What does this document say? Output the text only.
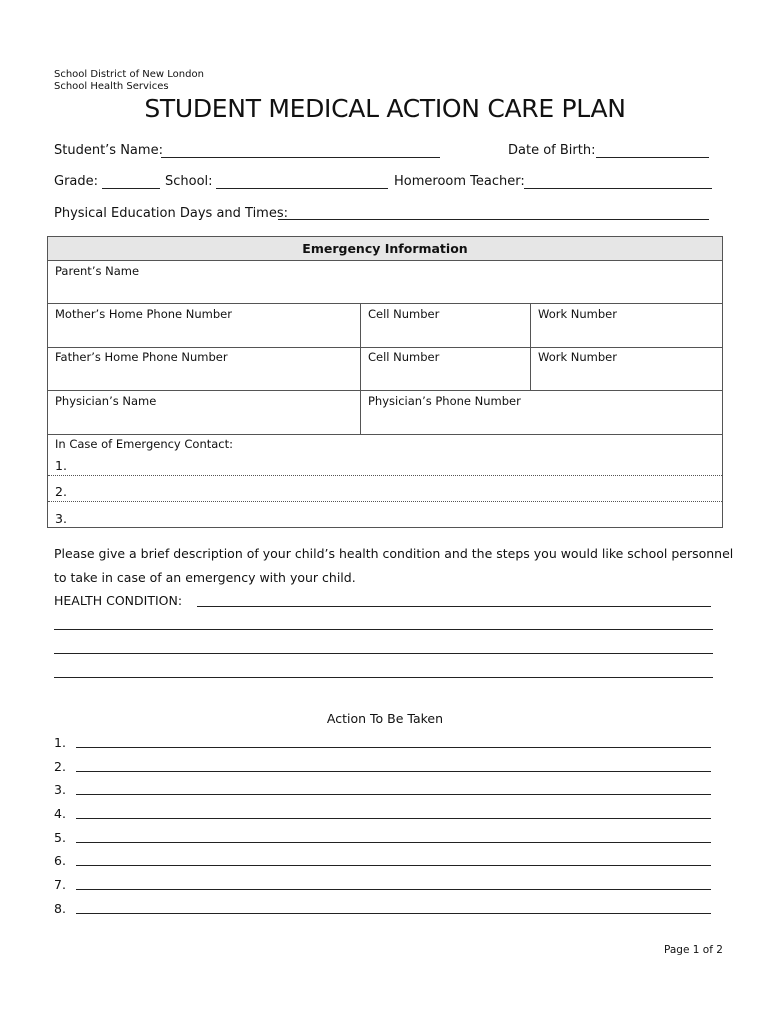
School District of New London
School Health Services
STUDENT MEDICAL ACTION CARE PLAN
Student’s Name:	Date of Birth:
Grade:	School:	Homeroom Teacher:
Physical Education Days and Times:
Emergency Information
Parent’s Name
Mother’s Home Phone Number	Cell Number	Work Number
Father’s Home Phone Number	Cell Number	Work Number
Physician’s Name	Physician’s Phone Number
In Case of Emergency Contact:
1.
2.
3.
Please give a brief description of your child’s health condition and the steps you would like school personnel
to take in case of an emergency with your child.
HEALTH CONDITION:
Action To Be Taken
1.
2.
3.
4.
5.
6.
7.
8.
Page 1 of 2
